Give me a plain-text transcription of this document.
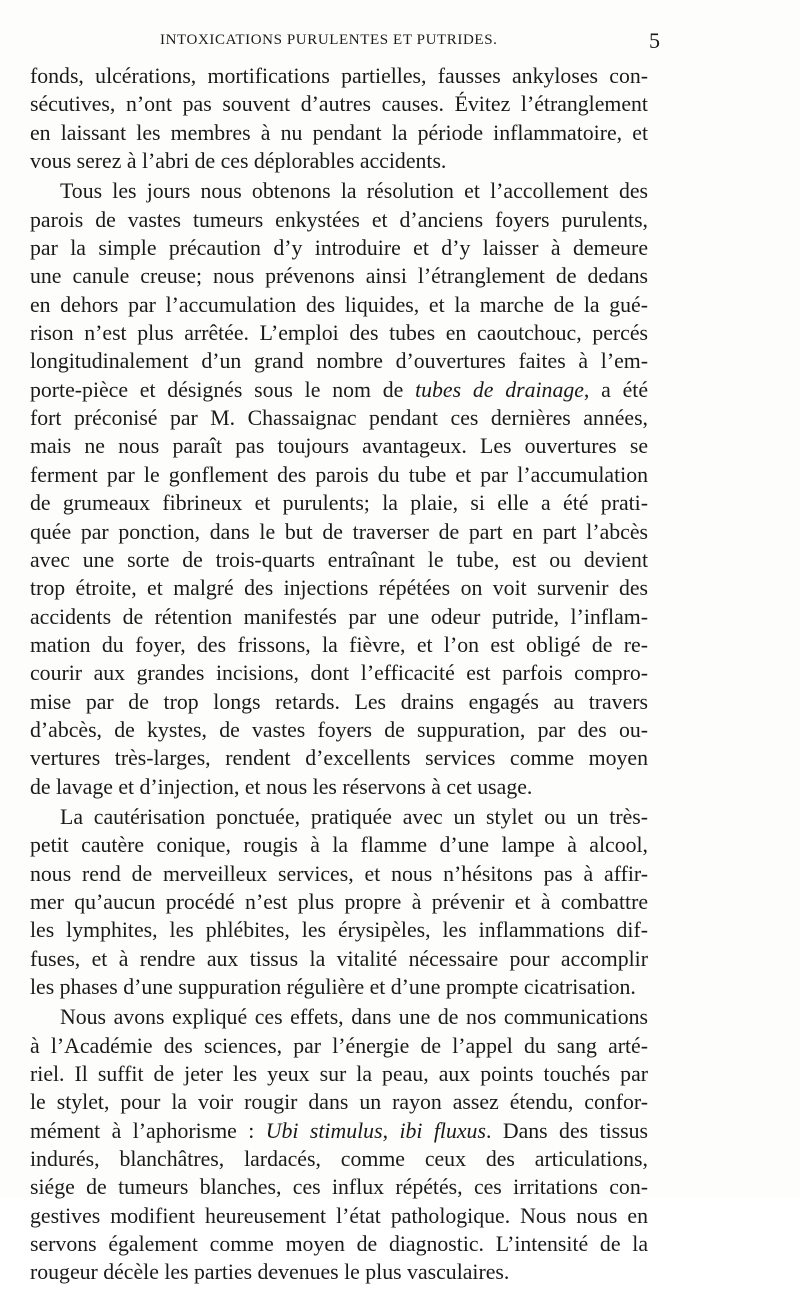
INTOXICATIONS PURULENTES ET PUTRIDES.	5
fonds, ulcérations, mortifications partielles, fausses ankyloses con-
sécutives, n’ont pas souvent d’autres causes. Évitez l’étranglement
en laissant les membres à nu pendant la période inflammatoire, et
vous serez à l’abri de ces déplorables accidents.
Tous les jours nous obtenons la résolution et l’accollement des
parois de vastes tumeurs enkystées et d’anciens foyers purulents,
par la simple précaution d’y introduire et d’y laisser à demeure
une canule creuse; nous prévenons ainsi l’étranglement de dedans
en dehors par l’accumulation des liquides, et la marche de la gué-
rison n’est plus arrêtée. L’emploi des tubes en caoutchouc, percés
longitudinalement d’un grand nombre d’ouvertures faites à l’em-
porte-pièce et désignés sous le nom de tubes de drainage, a été
fort préconisé par M. Chassaignac pendant ces dernières années,
mais ne nous paraît pas toujours avantageux. Les ouvertures se
ferment par le gonflement des parois du tube et par l’accumulation
de grumeaux fibrineux et purulents; la plaie, si elle a été prati-
quée par ponction, dans le but de traverser de part en part l’abcès
avec une sorte de trois-quarts entraînant le tube, est ou devient
trop étroite, et malgré des injections répétées on voit survenir des
accidents de rétention manifestés par une odeur putride, l’inflam-
mation du foyer, des frissons, la fièvre, et l’on est obligé de re-
courir aux grandes incisions, dont l’efficacité est parfois compro-
mise par de trop longs retards. Les drains engagés au travers
d’abcès, de kystes, de vastes foyers de suppuration, par des ou-
vertures très-larges, rendent d’excellents services comme moyen
de lavage et d’injection, et nous les réservons à cet usage.
La cautérisation ponctuée, pratiquée avec un stylet ou un très-
petit cautère conique, rougis à la flamme d’une lampe à alcool,
nous rend de merveilleux services, et nous n’hésitons pas à affir-
mer qu’aucun procédé n’est plus propre à prévenir et à combattre
les lymphites, les phlébites, les érysipèles, les inflammations dif-
fuses, et à rendre aux tissus la vitalité nécessaire pour accomplir
les phases d’une suppuration régulière et d’une prompte cicatrisation.
Nous avons expliqué ces effets, dans une de nos communications
à l’Académie des sciences, par l’énergie de l’appel du sang arté-
riel. Il suffit de jeter les yeux sur la peau, aux points touchés par
le stylet, pour la voir rougir dans un rayon assez étendu, confor-
mément à l’aphorisme : Ubi stimulus, ibi fluxus. Dans des tissus
indurés, blanchâtres, lardacés, comme ceux des articulations,
siége de tumeurs blanches, ces influx répétés, ces irritations con-
gestives modifient heureusement l’état pathologique. Nous nous en
servons également comme moyen de diagnostic. L’intensité de la
rougeur décèle les parties devenues le plus vasculaires.
